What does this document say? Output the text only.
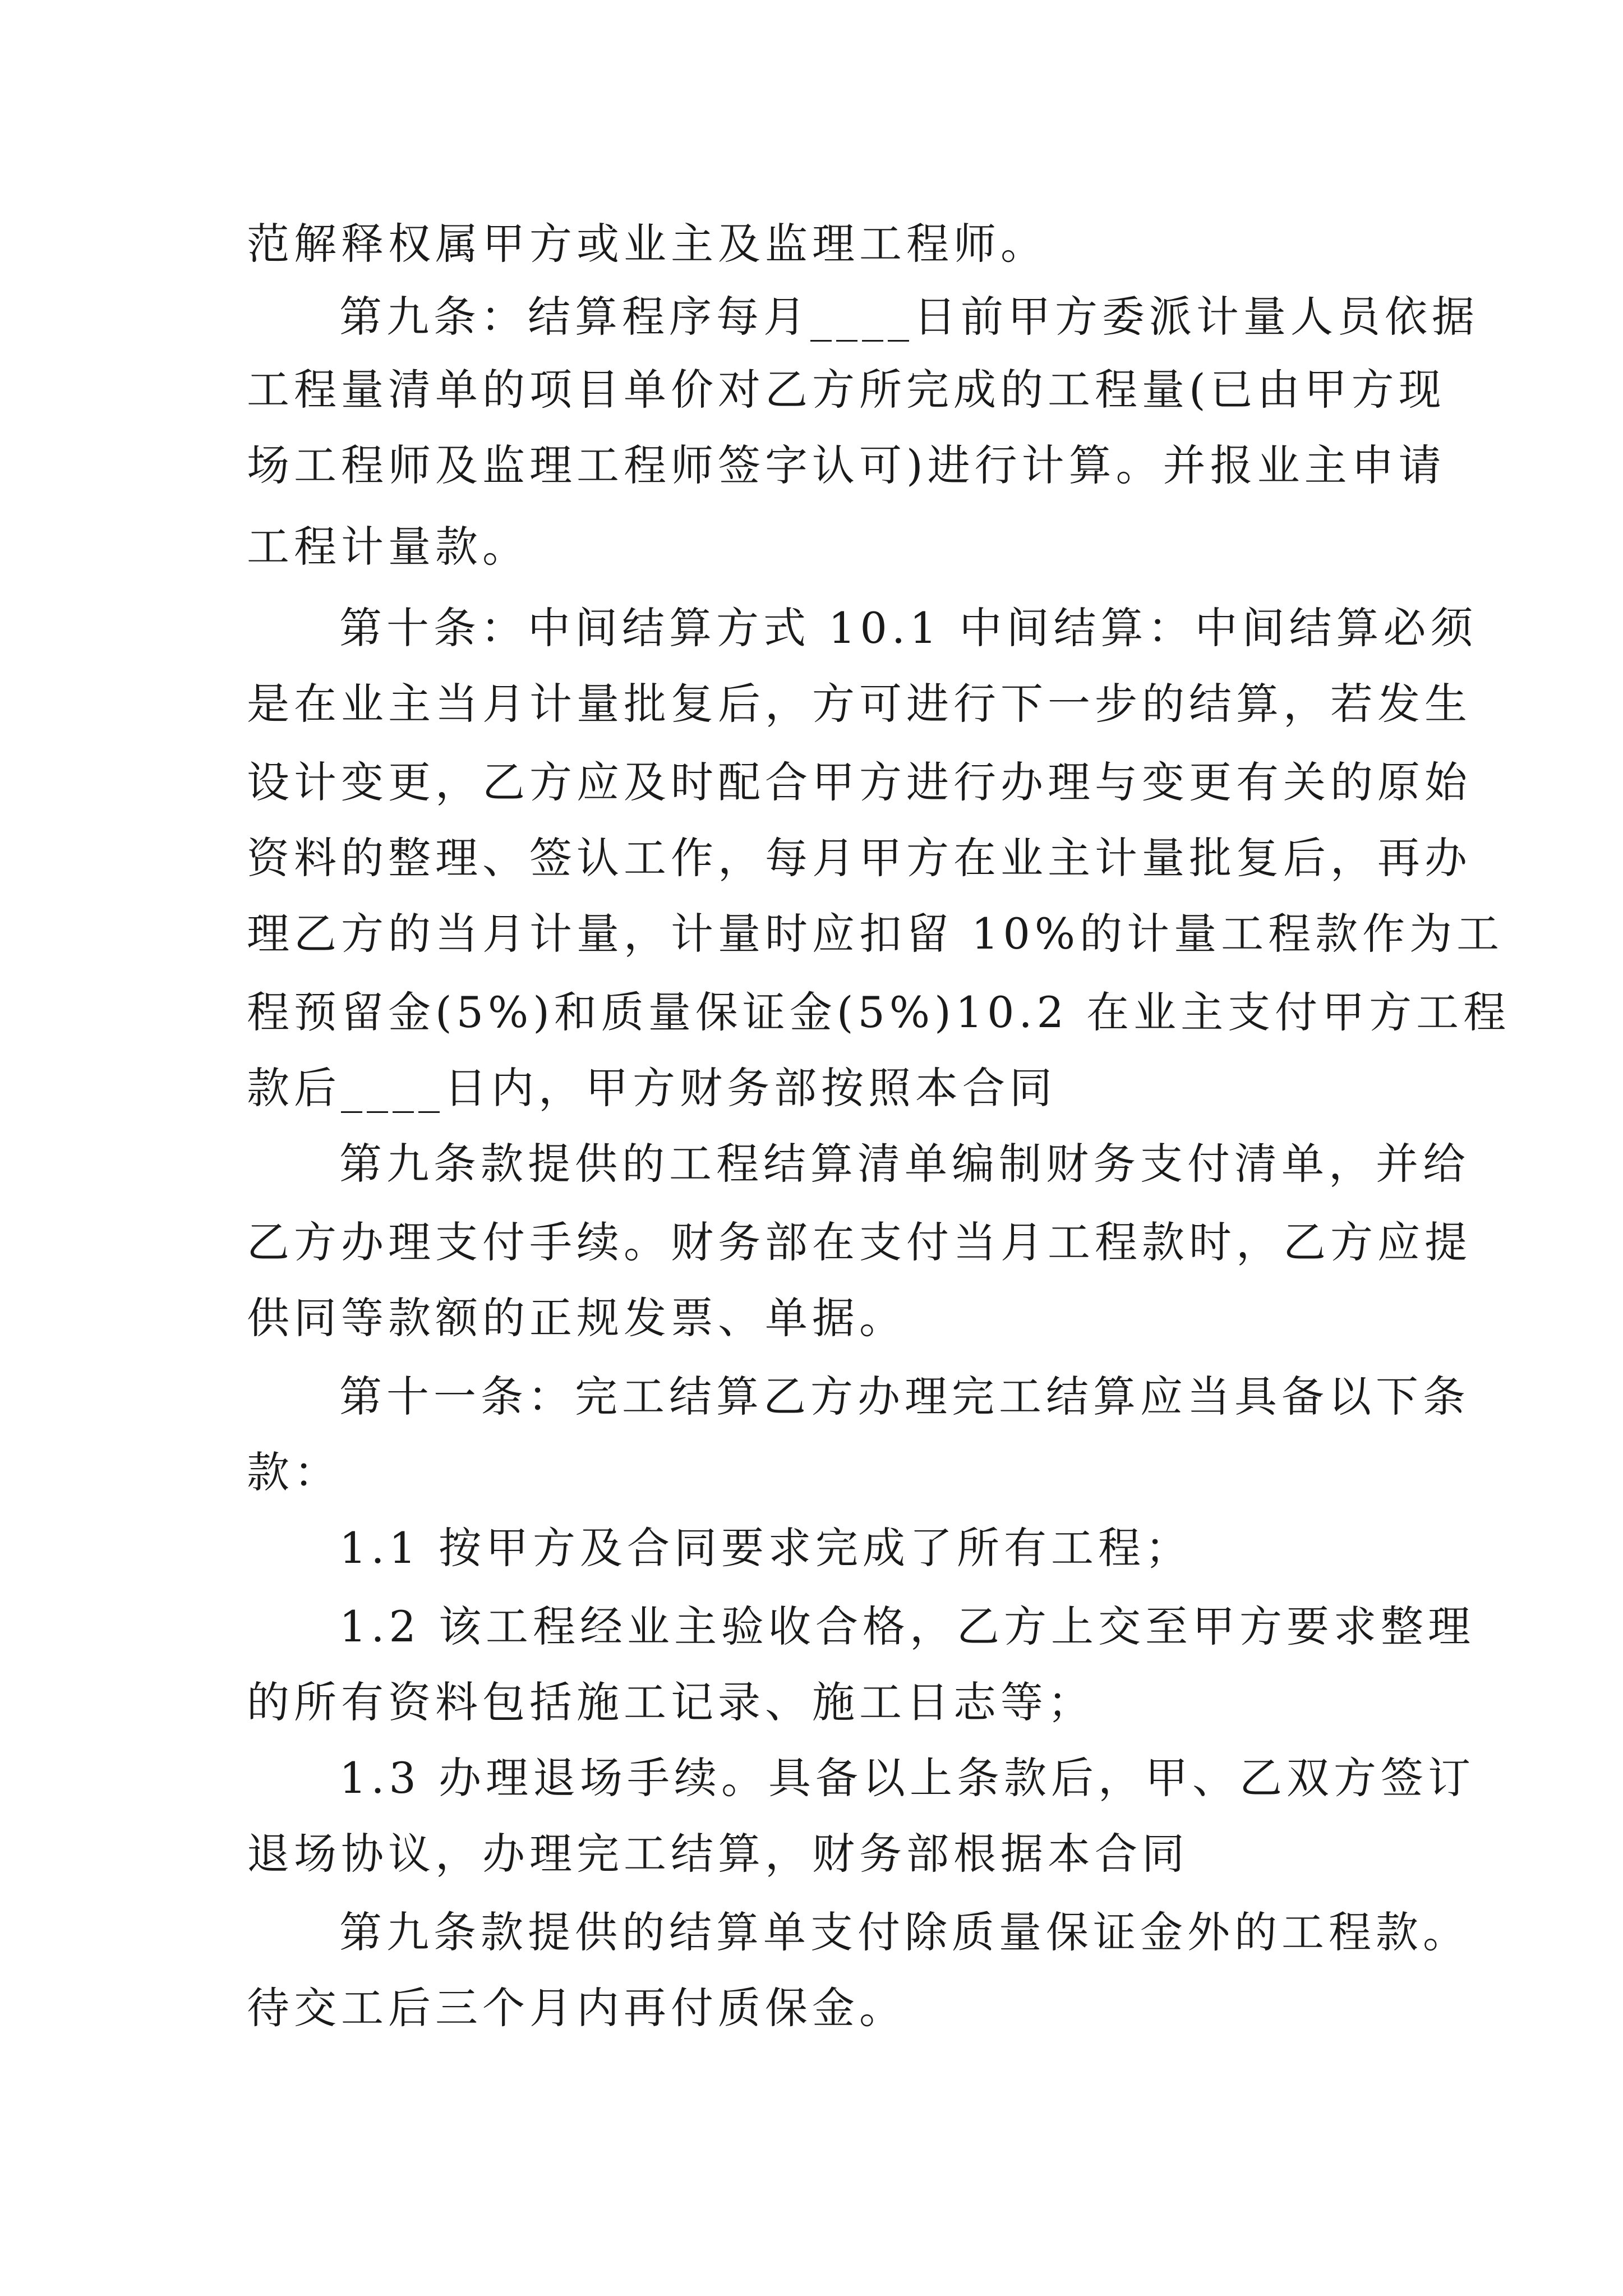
范解释权属甲方或业主及监理工程师。

第九条：结算程序每月____日前甲方委派计量人员依据

工程量清单的项目单价对乙方所完成的工程量(已由甲方现

场工程师及监理工程师签字认可)进行计算。并报业主申请

工程计量款。

第十条：中间结算方式 10.1 中间结算：中间结算必须

是在业主当月计量批复后，方可进行下一步的结算，若发生

设计变更，乙方应及时配合甲方进行办理与变更有关的原始

资料的整理、签认工作，每月甲方在业主计量批复后，再办

理乙方的当月计量，计量时应扣留 10%的计量工程款作为工

程预留金(5%)和质量保证金(5%)10.2 在业主支付甲方工程

款后____日内，甲方财务部按照本合同

第九条款提供的工程结算清单编制财务支付清单，并给

乙方办理支付手续。财务部在支付当月工程款时，乙方应提

供同等款额的正规发票、单据。

第十一条：完工结算乙方办理完工结算应当具备以下条

款：

1.1 按甲方及合同要求完成了所有工程；

1.2 该工程经业主验收合格，乙方上交至甲方要求整理

的所有资料包括施工记录、施工日志等；

1.3 办理退场手续。具备以上条款后，甲、乙双方签订

退场协议，办理完工结算，财务部根据本合同

第九条款提供的结算单支付除质量保证金外的工程款。

待交工后三个月内再付质保金。
